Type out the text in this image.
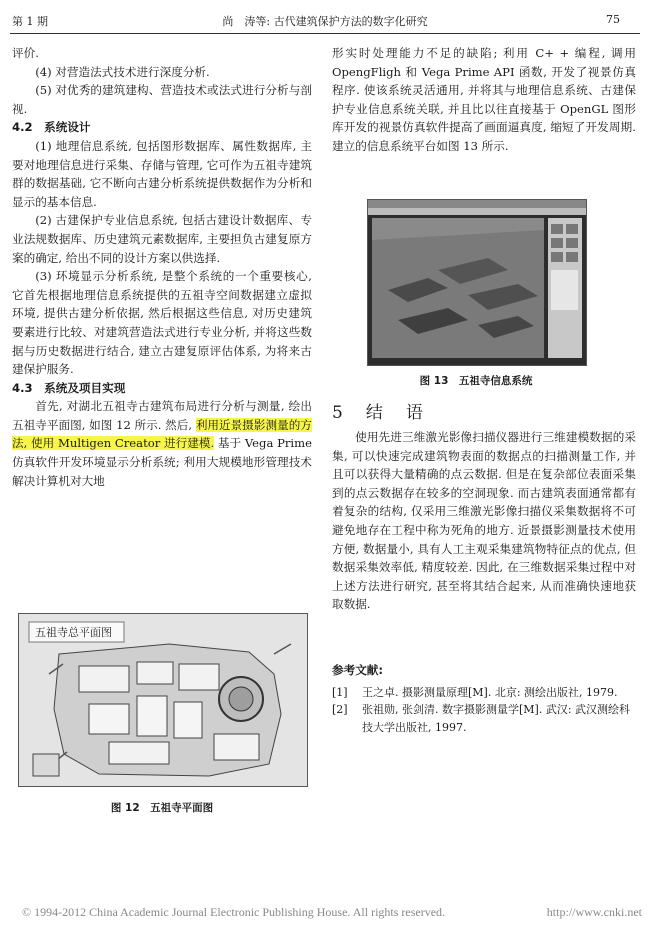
第 1 期	尚　涛等: 古代建筑保护方法的数字化研究	75

评价.

(4) 对营造法式技术进行深度分析.

(5) 对优秀的建筑建构、营造技术或法式进行分析与剖视.

4.2　系统设计

(1) 地理信息系统, 包括图形数据库、属性数据库, 主要对地理信息进行采集、存储与管理, 它可作为五祖寺建筑群的数据基础, 它不断向古建分析系统提供数据作为分析和显示的基本信息.

(2) 古建保护专业信息系统, 包括古建设计数据库、专业法规数据库、历史建筑元素数据库, 主要担负古建复原方案的确定, 给出不同的设计方案以供选择.

(3) 环境显示分析系统, 是整个系统的一个重要核心, 它首先根据地理信息系统提供的五祖寺空间数据建立虚拟环境, 提供古建分析依据, 然后根据这些信息, 对历史建筑要素进行比较、对建筑营造法式进行专业分析, 并将这些数据与历史数据进行结合, 建立古建复原评估体系, 为将来古建保护服务.

4.3　系统及项目实现

首先, 对湖北五祖寺古建筑布局进行分析与测量, 绘出五祖寺平面图, 如图 12 所示. 然后, 利用近景摄影测量的方法, 使用 Multigen Creator 进行建模. 基于 Vega Prime 仿真软件开发环境显示分析系统; 利用大规模地形管理技术解决计算机对大地

五祖寺总平面图
图 12　五祖寺平面图

形实时处理能力不足的缺陷; 利用 C+ + 编程, 调用 OpengFligh 和 Vega Prime API 函数, 开发了视景仿真程序. 使该系统灵活通用, 并将其与地理信息系统、古建保护专业信息系统关联, 并且比以往直接基于 OpenGL 图形库开发的视景仿真软件提高了画面逼真度, 缩短了开发周期. 建立的信息系统平台如图 13 所示.

图 13　五祖寺信息系统
5　结　语

使用先进三维激光影像扫描仪器进行三维建模数据的采集, 可以快速完成建筑物表面的数据点的扫描测量工作, 并且可以获得大量精确的点云数据. 但是在复杂部位表面采集到的点云数据存在较多的空洞现象. 而古建筑表面通常都有着复杂的结构, 仅采用三维激光影像扫描仪采集数据将不可避免地存在工程中称为死角的地方. 近景摄影测量技术使用方便, 数据量小, 具有人工主观采集建筑物特征点的优点, 但数据采集效率低, 精度较差. 因此, 在三维数据采集过程中对上述方法进行研究, 甚至将其结合起来, 从而准确快速地获取数据.

参考文献:
[1]	王之卓. 摄影测量原理[M]. 北京: 测绘出版社, 1979.
[2]	张祖勋, 张剑清. 数字摄影测量学[M]. 武汉: 武汉测绘科技大学出版社, 1997.
© 1994-2012 China Academic Journal Electronic Publishing House. All rights reserved.	http://www.cnki.net
